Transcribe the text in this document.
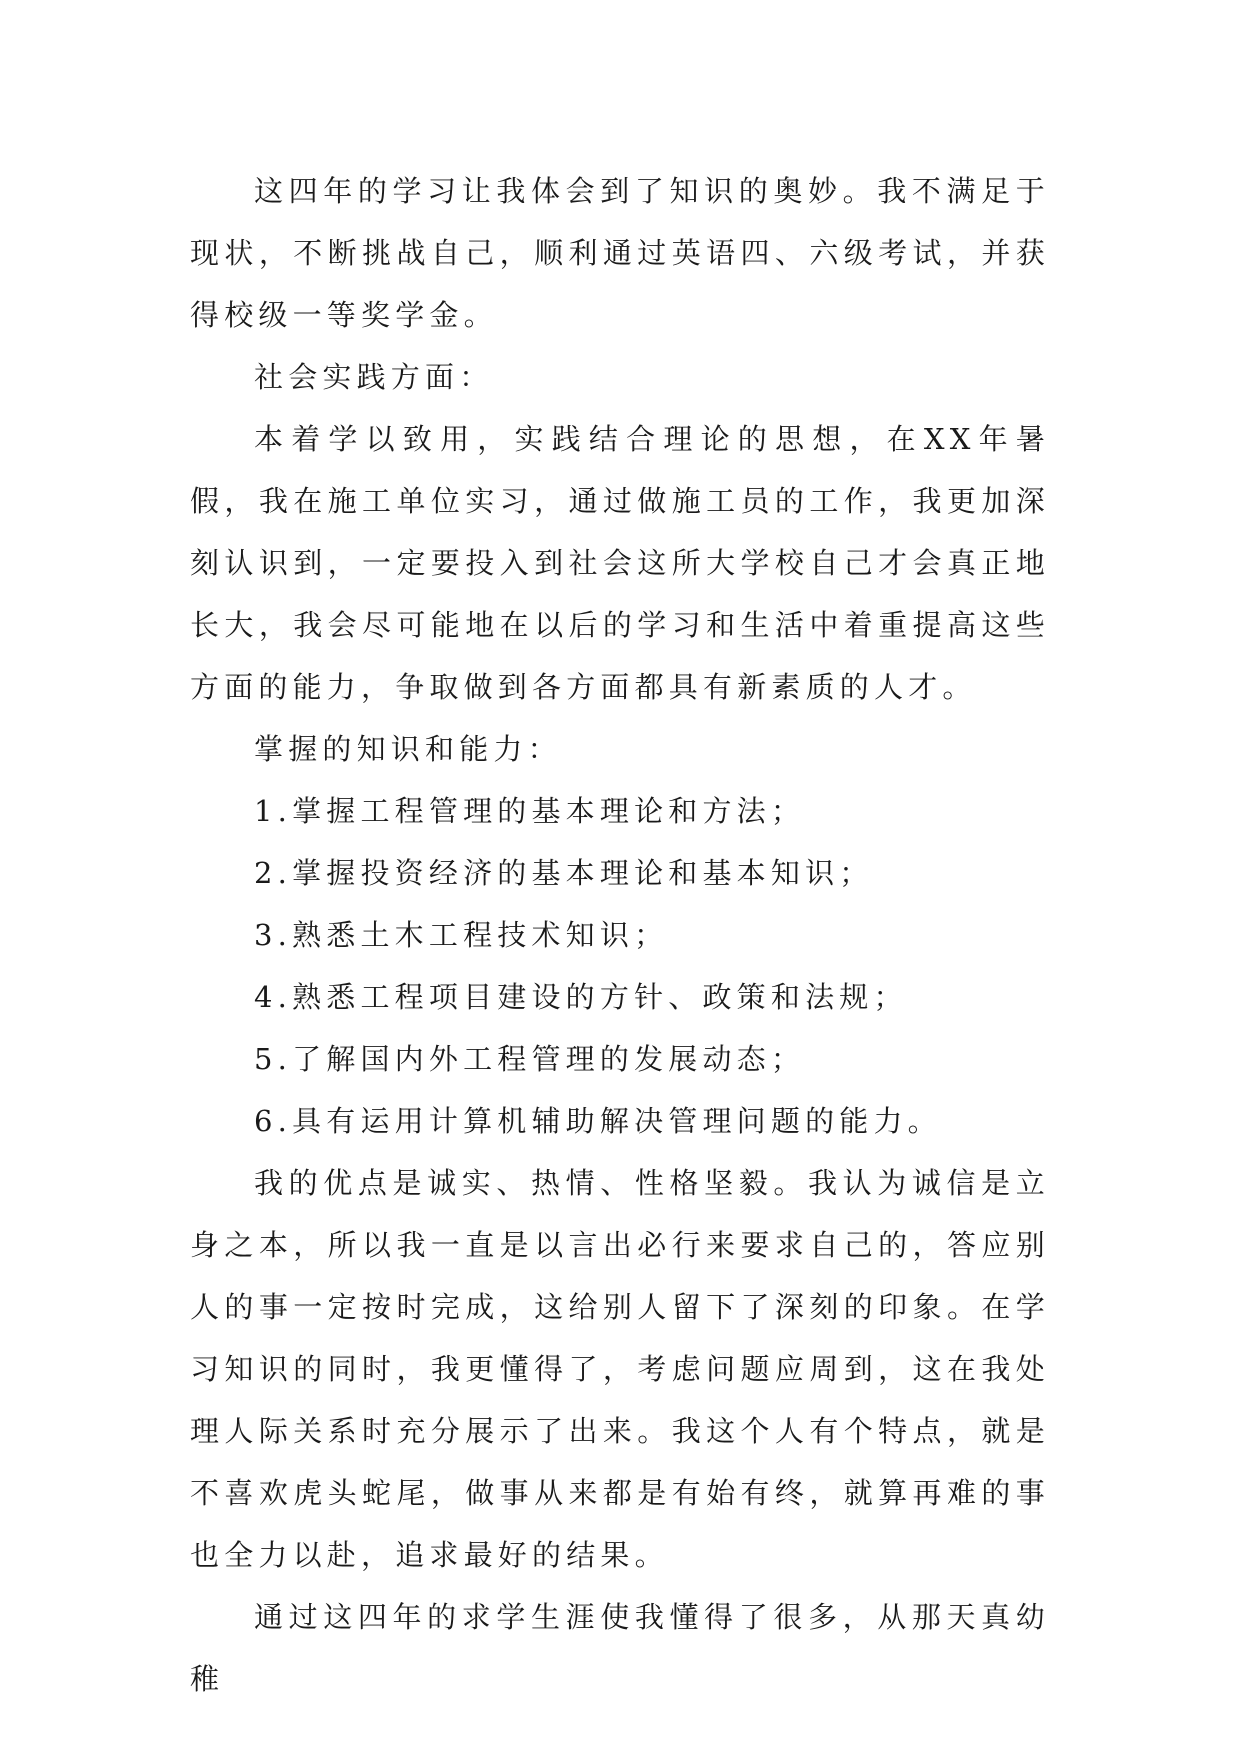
这四年的学习让我体会到了知识的奥妙。我不满足于现状，不断挑战自己，顺利通过英语四、六级考试，并获得校级一等奖学金。

社会实践方面：

本着学以致用，实践结合理论的思想，在XX年暑假，我在施工单位实习，通过做施工员的工作，我更加深刻认识到，一定要投入到社会这所大学校自己才会真正地长大，我会尽可能地在以后的学习和生活中着重提高这些方面的能力，争取做到各方面都具有新素质的人才。

掌握的知识和能力：

1.掌握工程管理的基本理论和方法；

2.掌握投资经济的基本理论和基本知识；

3.熟悉土木工程技术知识；

4.熟悉工程项目建设的方针、政策和法规；

5.了解国内外工程管理的发展动态；

6.具有运用计算机辅助解决管理问题的能力。

我的优点是诚实、热情、性格坚毅。我认为诚信是立身之本，所以我一直是以言出必行来要求自己的，答应别人的事一定按时完成，这给别人留下了深刻的印象。在学习知识的同时，我更懂得了，考虑问题应周到，这在我处理人际关系时充分展示了出来。我这个人有个特点，就是不喜欢虎头蛇尾，做事从来都是有始有终，就算再难的事也全力以赴，追求最好的结果。

通过这四年的求学生涯使我懂得了很多，从那天真幼稚
